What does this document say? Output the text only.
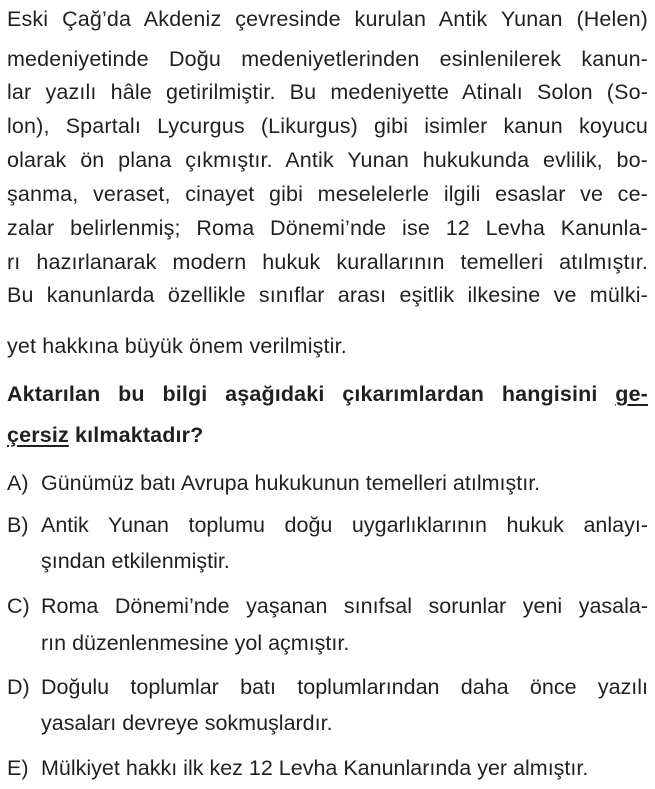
Eski Çağ’da Akdeniz çevresinde kurulan Antik Yunan (Helen)
medeniyetinde Doğu medeniyetlerinden esinlenilerek kanun-
lar yazılı hâle getirilmiştir. Bu medeniyette Atinalı Solon (So-
lon), Spartalı Lycurgus (Likurgus) gibi isimler kanun koyucu
olarak ön plana çıkmıştır. Antik Yunan hukukunda evlilik, bo-
şanma, veraset, cinayet gibi meselelerle ilgili esaslar ve ce-
zalar belirlenmiş; Roma Dönemi’nde ise 12 Levha Kanunla-
rı hazırlanarak modern hukuk kurallarının temelleri atılmıştır.
Bu kanunlarda özellikle sınıflar arası eşitlik ilkesine ve mülki-
yet hakkına büyük önem verilmiştir.
Aktarılan bu bilgi aşağıdaki çıkarımlardan hangisini ge-
çersiz kılmaktadır?
A) Günümüz batı Avrupa hukukunun temelleri atılmıştır.
B) Antik Yunan toplumu doğu uygarlıklarının hukuk anlayı-
şından etkilenmiştir.
C) Roma Dönemi’nde yaşanan sınıfsal sorunlar yeni yasala-
rın düzenlenmesine yol açmıştır.
D) Doğulu toplumlar batı toplumlarından daha önce yazılı
yasaları devreye sokmuşlardır.
E) Mülkiyet hakkı ilk kez 12 Levha Kanunlarında yer almıştır.
